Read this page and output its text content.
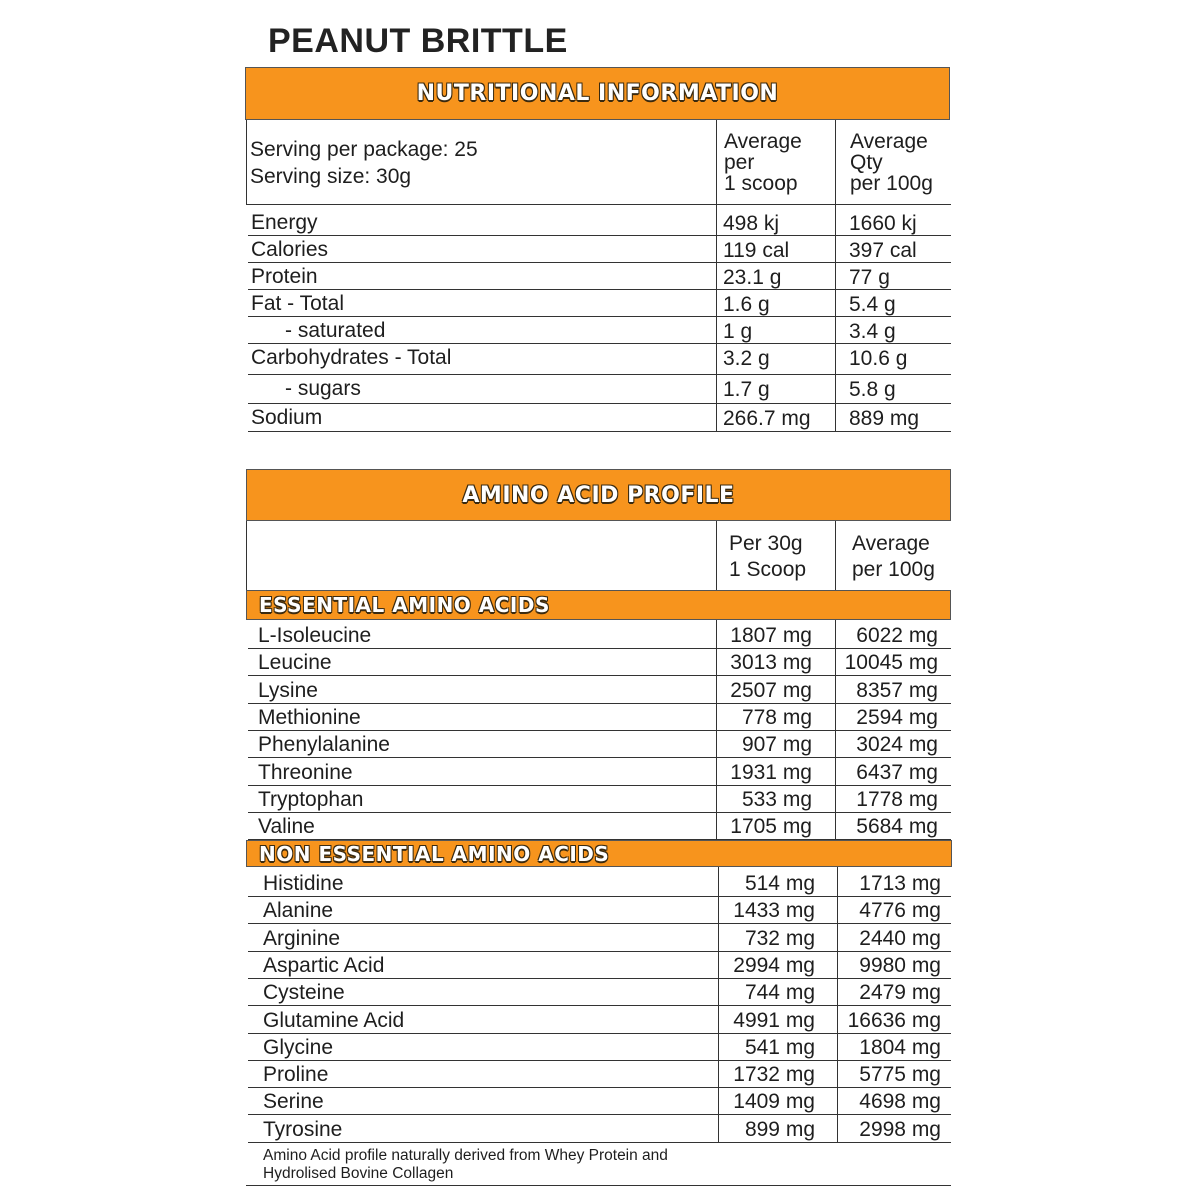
PEANUT BRITTLE
NUTRITIONAL INFORMATION
Serving per package: 25
Serving size: 30g
Average
per
1 scoop
Average
Qty
per 100g
Energy	498 kj	1660 kj
Calories	119 cal	397 cal
Protein	23.1 g	77 g
Fat - Total	1.6 g	5.4 g
- saturated	1 g	3.4 g
Carbohydrates - Total	3.2 g	10.6 g
- sugars	1.7 g	5.8 g
Sodium	266.7 mg 889 mg
AMINO ACID PROFILE
Per 30g
1 Scoop
Average
per 100g
ESSENTIAL AMINO ACIDS
L-Isoleucine	1807 mg 6022 mg
Leucine	3013 mg 10045 mg
Lysine	2507 mg 8357 mg
Methionine	778 mg 2594 mg
Phenylalanine	907 mg 3024 mg
Threonine	1931 mg 6437 mg
Tryptophan	533 mg 1778 mg
Valine	1705 mg 5684 mg
NON ESSENTIAL AMINO ACIDS
Histidine	514 mg 1713 mg
Alanine	1433 mg 4776 mg
Arginine	732 mg 2440 mg
Aspartic Acid	2994 mg 9980 mg
Cysteine	744 mg 2479 mg
Glutamine Acid	4991 mg 16636 mg
Glycine	541 mg 1804 mg
Proline	1732 mg 5775 mg
Serine	1409 mg 4698 mg
Tyrosine	899 mg 2998 mg
Amino Acid profile naturally derived from Whey Protein and Hydrolised Bovine Collagen
